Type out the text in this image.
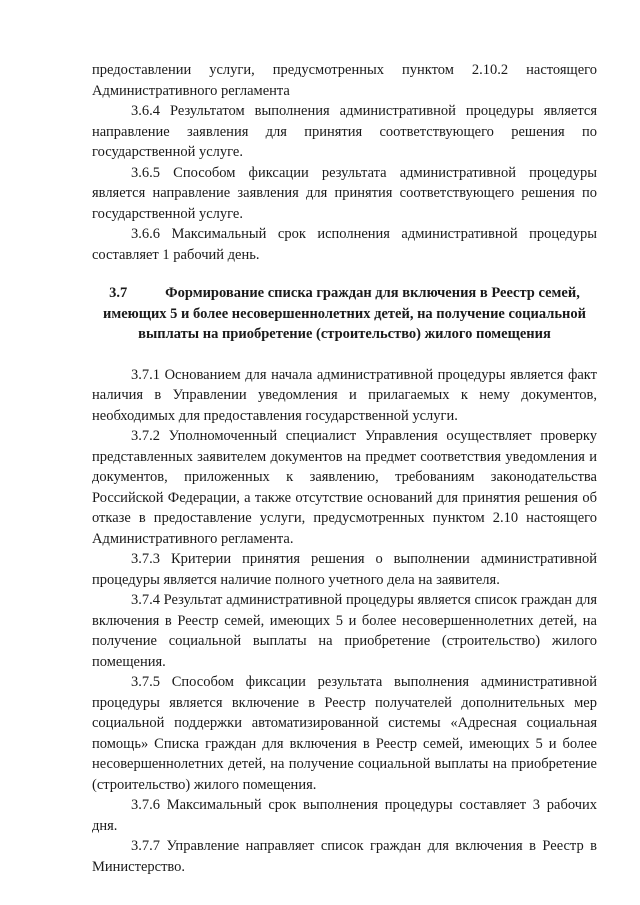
предоставлении услуги, предусмотренных пунктом 2.10.2 настоящего Административного регламента

3.6.4 Результатом выполнения административной процедуры является направление заявления для принятия соответствующего решения по государственной услуге.

3.6.5 Способом фиксации результата административной процедуры является направление заявления для принятия соответствующего решения по государственной услуге.

3.6.6 Максимальный срок исполнения административной процедуры составляет 1 рабочий день.

3.7	Формирование списка граждан для включения в Реестр семей, имеющих 5 и более несовершеннолетних детей, на получение социальной выплаты на приобретение (строительство) жилого помещения

3.7.1 Основанием для начала административной процедуры является факт наличия в Управлении уведомления и прилагаемых к нему документов, необходимых для предоставления государственной услуги.

3.7.2 Уполномоченный специалист Управления осуществляет проверку представленных заявителем документов на предмет соответствия уведомления и документов, приложенных к заявлению, требованиям законодательства Российской Федерации, а также отсутствие оснований для принятия решения об отказе в предоставление услуги, предусмотренных пунктом 2.10 настоящего Административного регламента.

3.7.3 Критерии принятия решения о выполнении административной процедуры является наличие полного учетного дела на заявителя.

3.7.4 Результат административной процедуры является список граждан для включения в Реестр семей, имеющих 5 и более несовершеннолетних детей, на получение социальной выплаты на приобретение (строительство) жилого помещения.

3.7.5 Способом фиксации результата выполнения административной процедуры является включение в Реестр получателей дополнительных мер социальной поддержки автоматизированной системы «Адресная социальная помощь» Списка граждан для включения в Реестр семей, имеющих 5 и более несовершеннолетних детей, на получение социальной выплаты на приобретение (строительство) жилого помещения.

3.7.6 Максимальный срок выполнения процедуры составляет 3 рабочих дня.

3.7.7 Управление направляет список граждан для включения в Реестр в Министерство.
